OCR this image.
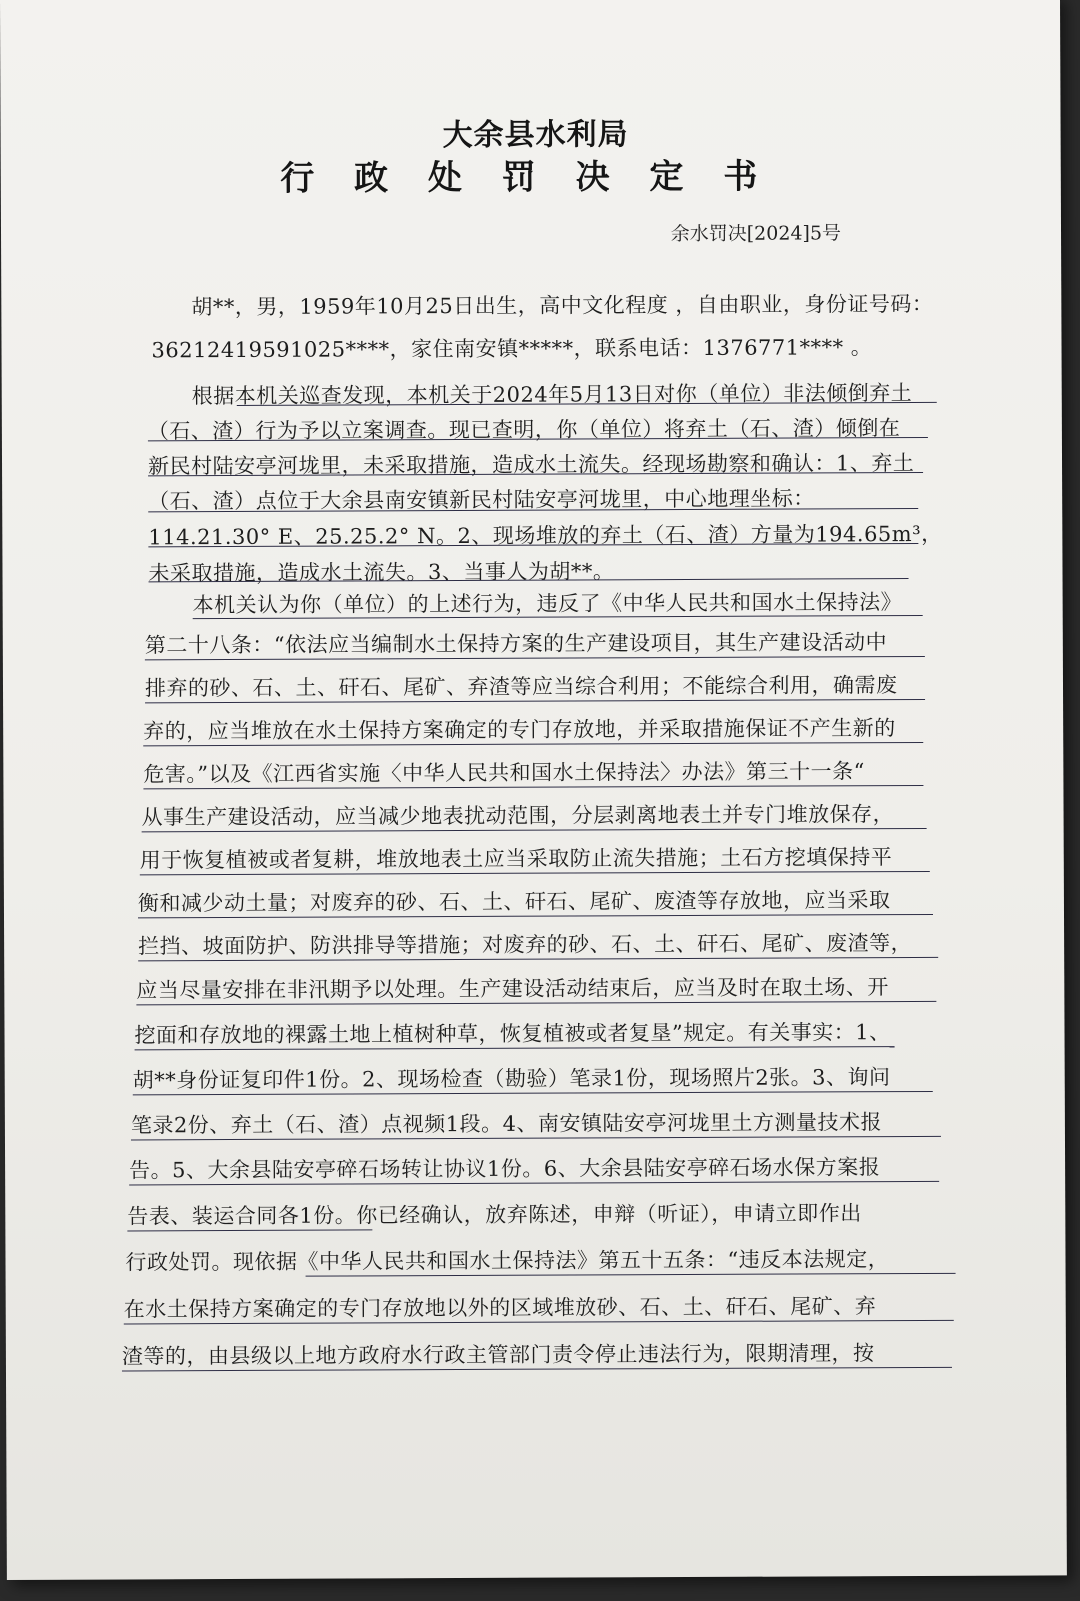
大余县水利局
行 政 处 罚 决 定 书
余水罚决[2024]5号
胡**，男，1959年10月25日出生，高中文化程度 ，自由职业，身份证号码：
36212419591025****，家住南安镇*****，联系电话：1376771**** 。
根据本机关巡查发现，本机关于2024年5月13日对你（单位）非法倾倒弃土
（石、渣）行为予以立案调查。现已查明，你（单位）将弃土（石、渣）倾倒在
新民村陆安亭河垅里，未采取措施，造成水土流失。经现场勘察和确认：1、弃土
（石、渣）点位于大余县南安镇新民村陆安亭河垅里，中心地理坐标：
114.21.30° E、25.25.2° N。2、现场堆放的弃土（石、渣）方量为194.65m³，
未采取措施，造成水土流失。3、当事人为胡**。
本机关认为你（单位）的上述行为，违反了《中华人民共和国水土保持法》
第二十八条：“依法应当编制水土保持方案的生产建设项目，其生产建设活动中
排弃的砂、石、土、矸石、尾矿、弃渣等应当综合利用；不能综合利用，确需废
弃的，应当堆放在水土保持方案确定的专门存放地，并采取措施保证不产生新的
危害。”以及《江西省实施〈中华人民共和国水土保持法〉办法》第三十一条“
从事生产建设活动，应当减少地表扰动范围，分层剥离地表土并专门堆放保存，
用于恢复植被或者复耕，堆放地表土应当采取防止流失措施；土石方挖填保持平
衡和减少动土量；对废弃的砂、石、土、矸石、尾矿、废渣等存放地，应当采取
拦挡、坡面防护、防洪排导等措施；对废弃的砂、石、土、矸石、尾矿、废渣等，
应当尽量安排在非汛期予以处理。生产建设活动结束后，应当及时在取土场、开
挖面和存放地的裸露土地上植树种草，恢复植被或者复垦”规定。有关事实：1、
胡**身份证复印件1份。2、现场检查（勘验）笔录1份，现场照片2张。3、询问
笔录2份、弃土（石、渣）点视频1段。4、南安镇陆安亭河垅里土方测量技术报
告。5、大余县陆安亭碎石场转让协议1份。6、大余县陆安亭碎石场水保方案报
告表、装运合同各1份。你已经确认，放弃陈述，申辩（听证），申请立即作出
行政处罚。现依据《中华人民共和国水土保持法》第五十五条：“违反本法规定，
在水土保持方案确定的专门存放地以外的区域堆放砂、石、土、矸石、尾矿、弃
渣等的，由县级以上地方政府水行政主管部门责令停止违法行为，限期清理，按
